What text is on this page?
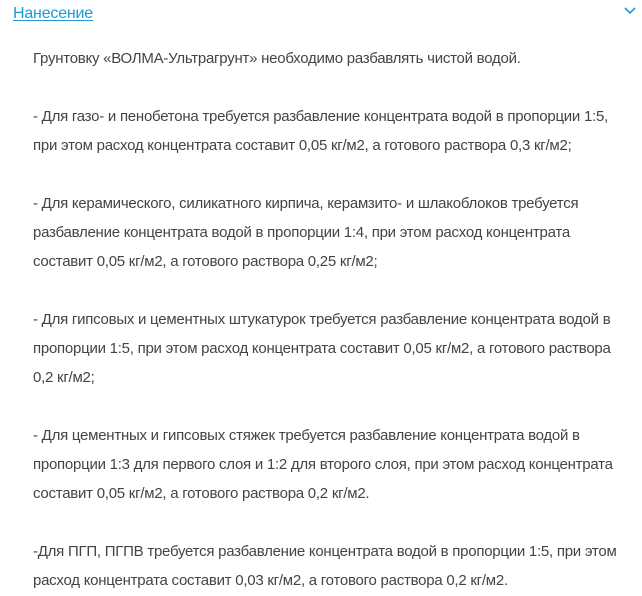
Нанесение

Грунтовку «ВОЛМА-Ультрагрунт» необходимо разбавлять чистой водой.

- Для газо- и пенобетона требуется разбавление концентрата водой в пропорции 1:5, при этом расход концентрата составит 0,05 кг/м2, а готового раствора 0,3 кг/м2;

- Для керамического, силикатного кирпича, керамзито- и шлакоблоков требуется разбавление концентрата водой в пропорции 1:4, при этом расход концентрата составит 0,05 кг/м2, а готового раствора 0,25 кг/м2;

- Для гипсовых и цементных штукатурок требуется разбавление концентрата водой в пропорции 1:5, при этом расход концентрата составит 0,05 кг/м2, а готового раствора 0,2 кг/м2;

- Для цементных и гипсовых стяжек требуется разбавление концентрата водой в пропорции 1:3 для первого слоя и 1:2 для второго слоя, при этом расход концентрата составит 0,05 кг/м2, а готового раствора 0,2 кг/м2.

-Для ПГП, ПГПВ требуется разбавление концентрата водой в пропорции 1:5, при этом расход концентрата составит 0,03 кг/м2, а готового раствора 0,2 кг/м2.
